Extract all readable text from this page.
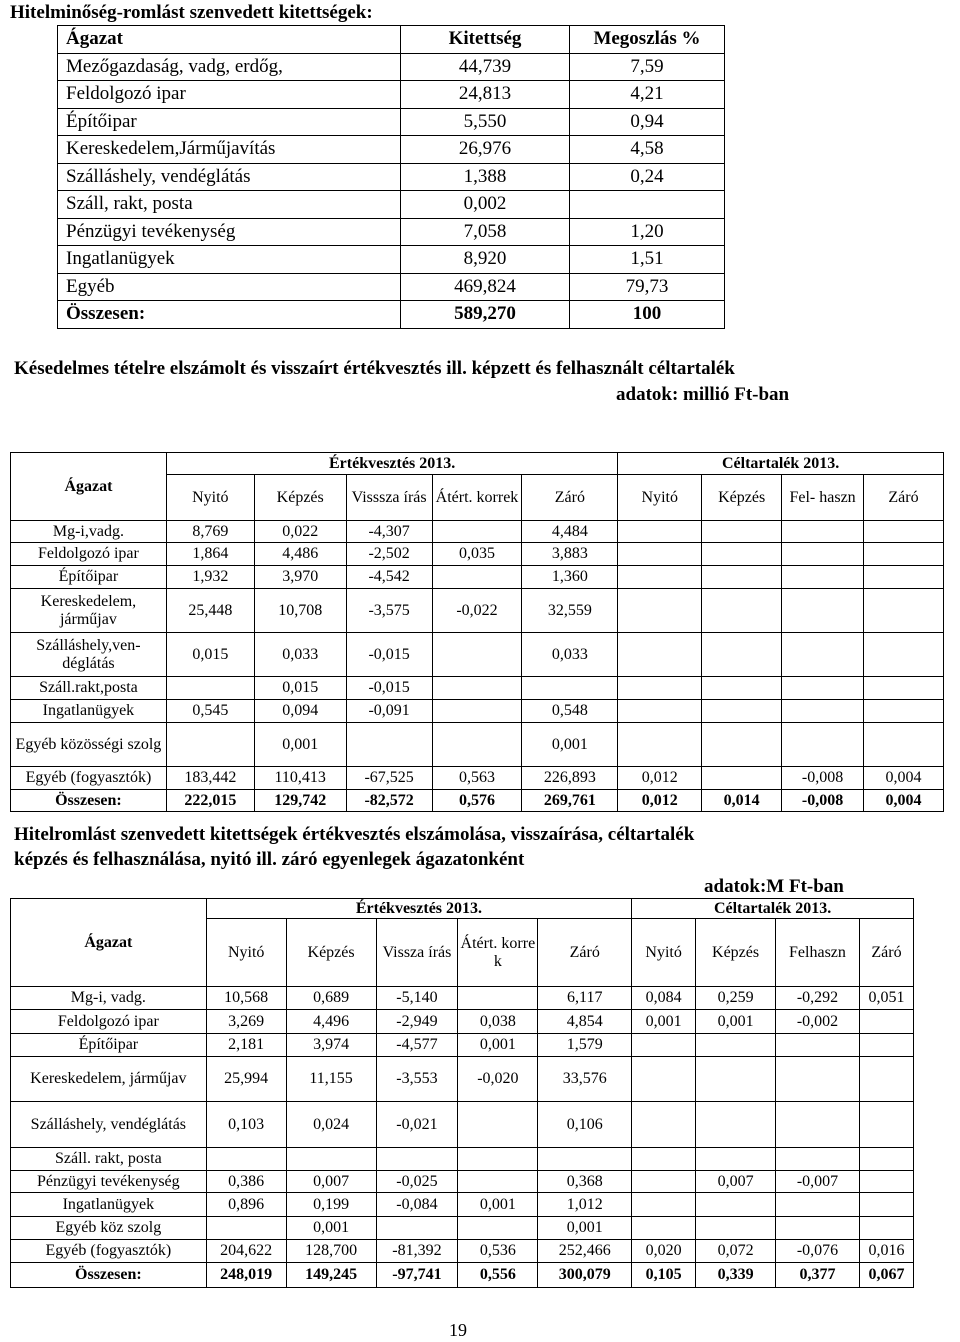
Hitelminőség-romlást szenvedett kitettségek:
Ágazat	Kitettség	Megoszlás %
Mezőgazdaság, vadg, erdőg,	44,739	7,59
Feldolgozó ipar	24,813	4,21
Építőipar	5,550	0,94
Kereskedelem,Járműjavítás	26,976	4,58
Szálláshely, vendéglátás	1,388	0,24
Száll, rakt, posta	0,002	
Pénzügyi tevékenység	7,058	1,20
Ingatlanügyek	8,920	1,51
Egyéb	469,824	79,73
Összesen:	589,270	100
Késedelmes tételre elszámolt és visszaírt értékvesztés ill. képzett és felhasznált céltartalék
adatok: millió Ft-ban
Ágazat	Értékvesztés 2013.					Céltartalék 2013.			
	Nyitó	Képzés	Visssza írás	Átért. korrek	Záró	Nyitó	Képzés	Fel- haszn	Záró
Mg-i,vadg.	8,769	0,022	-4,307		4,484				
Feldolgozó ipar	1,864	4,486	-2,502	0,035	3,883				
Építőipar	1,932	3,970	-4,542		1,360				
Kereskedelem, járműjav	25,448	10,708	-3,575	-0,022	32,559				
Szálláshely,ven- déglátás	0,015	0,033	-0,015		0,033				
Száll.rakt,posta		0,015	-0,015						
Ingatlanügyek	0,545	0,094	-0,091		0,548				
Egyéb közösségi szolg		0,001			0,001				
Egyéb (fogyasztók)	183,442	110,413	-67,525	0,563	226,893	0,012		-0,008	0,004
Összesen:	222,015	129,742	-82,572	0,576	269,761	0,012	0,014	-0,008	0,004
Hitelromlást szenvedett kitettségek értékvesztés elszámolása, visszaírása, céltartalék
képzés és felhasználása, nyitó ill. záró egyenlegek ágazatonként
adatok:M Ft-ban
Ágazat	Értékvesztés 2013.					Céltartalék 2013.			
	Nyitó	Képzés	Vissza írás	Átért. korre k	Záró	Nyitó	Képzés	Felhaszn	Záró
Mg-i, vadg.	10,568	0,689	-5,140		6,117	0,084	0,259	-0,292	0,051
Feldolgozó ipar	3,269	4,496	-2,949	0,038	4,854	0,001	0,001	-0,002	
Építőipar	2,181	3,974	-4,577	0,001	1,579				
Kereskedelem, járműjav	25,994	11,155	-3,553	-0,020	33,576				
Szálláshely, vendéglátás	0,103	0,024	-0,021		0,106				
Száll. rakt, posta									
Pénzügyi tevékenység	0,386	0,007	-0,025		0,368		0,007	-0,007	
Ingatlanügyek	0,896	0,199	-0,084	0,001	1,012				
Egyéb köz szolg		0,001			0,001				
Egyéb (fogyasztók)	204,622	128,700	-81,392	0,536	252,466	0,020	0,072	-0,076	0,016
Összesen:	248,019	149,245	-97,741	0,556	300,079	0,105	0,339	0,377	0,067
19
